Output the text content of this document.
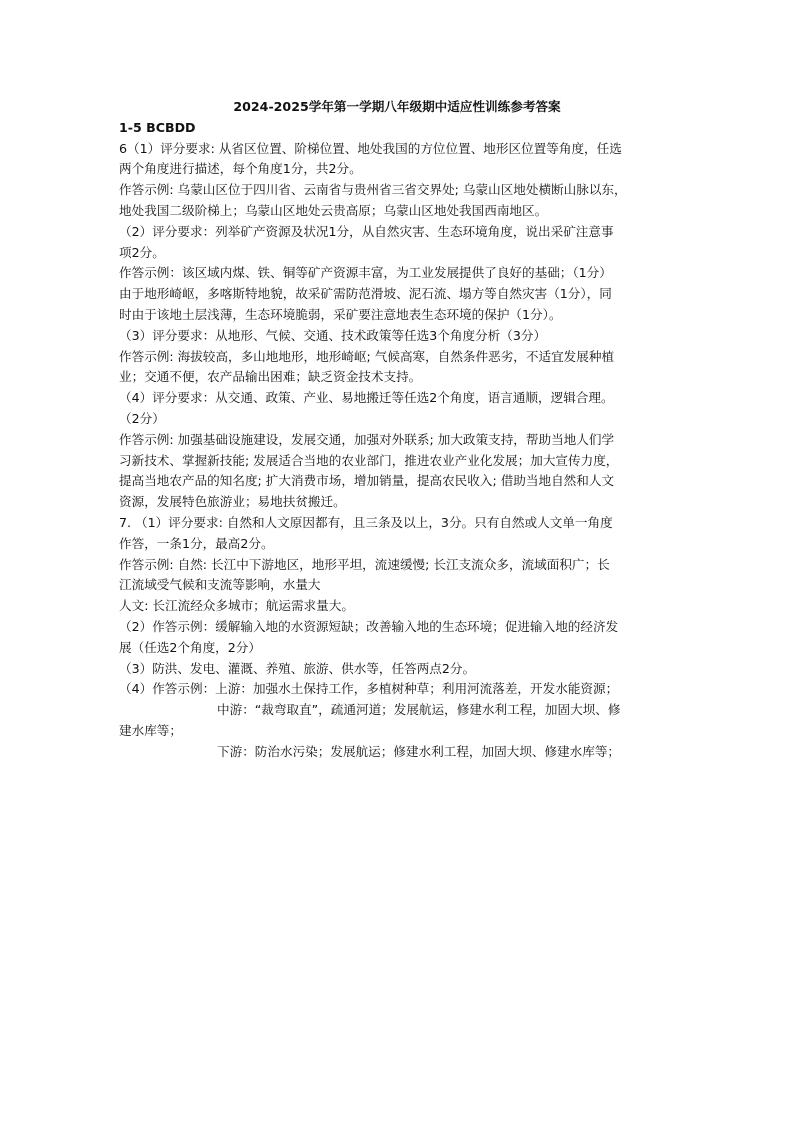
2024-2025学年第一学期八年级期中适应性训练参考答案

1-5 BCBDD

6（1）评分要求: 从省区位置、阶梯位置、地处我国的方位位置、地形区位置等角度，任选

两个角度进行描述，每个角度1分，共2分。

作答示例: 乌蒙山区位于四川省、云南省与贵州省三省交界处; 乌蒙山区地处横断山脉以东，

地处我国二级阶梯上；乌蒙山区地处云贵高原；乌蒙山区地处我国西南地区。

（2）评分要求：列举矿产资源及状况1分，从自然灾害、生态环境角度，说出采矿注意事

项2分。

作答示例：该区域内煤、铁、铜等矿产资源丰富，为工业发展提供了良好的基础；（1分）

由于地形崎岖，多喀斯特地貌，故采矿需防范滑坡、泥石流、塌方等自然灾害（1分），同

时由于该地土层浅薄，生态环境脆弱，采矿要注意地表生态环境的保护（1分）。

（3）评分要求：从地形、气候、交通、技术政策等任选3个角度分析（3分）

作答示例: 海拔较高，多山地地形，地形崎岖; 气候高寒，自然条件恶劣，不适宜发展种植

业；交通不便，农产品输出困难；缺乏资金技术支持。

（4）评分要求：从交通、政策、产业、易地搬迁等任选2个角度，语言通顺，逻辑合理。

（2分）

作答示例: 加强基础设施建设，发展交通，加强对外联系; 加大政策支持，帮助当地人们学

习新技术、掌握新技能; 发展适合当地的农业部门，推进农业产业化发展；加大宣传力度，

提高当地农产品的知名度; 扩大消费市场，增加销量，提高农民收入; 借助当地自然和人文

资源，发展特色旅游业；易地扶贫搬迁。

7. （1）评分要求: 自然和人文原因都有，且三条及以上，3分。只有自然或人文单一角度

作答，一条1分，最高2分。

作答示例: 自然: 长江中下游地区，地形平坦，流速缓慢; 长江支流众多，流域面积广；长

江流域受气候和支流等影响，水量大

人文: 长江流经众多城市；航运需求量大。

（2）作答示例：缓解输入地的水资源短缺；改善输入地的生态环境；促进输入地的经济发

展（任选2个角度，2分）

（3）防洪、发电、灌溉、养殖、旅游、供水等，任答两点2分。

（4）作答示例：上游：加强水土保持工作，多植树种草；利用河流落差，开发水能资源；

中游：“裁弯取直”，疏通河道；发展航运，修建水利工程，加固大坝、修

建水库等；

下游：防治水污染；发展航运；修建水利工程，加固大坝、修建水库等；
